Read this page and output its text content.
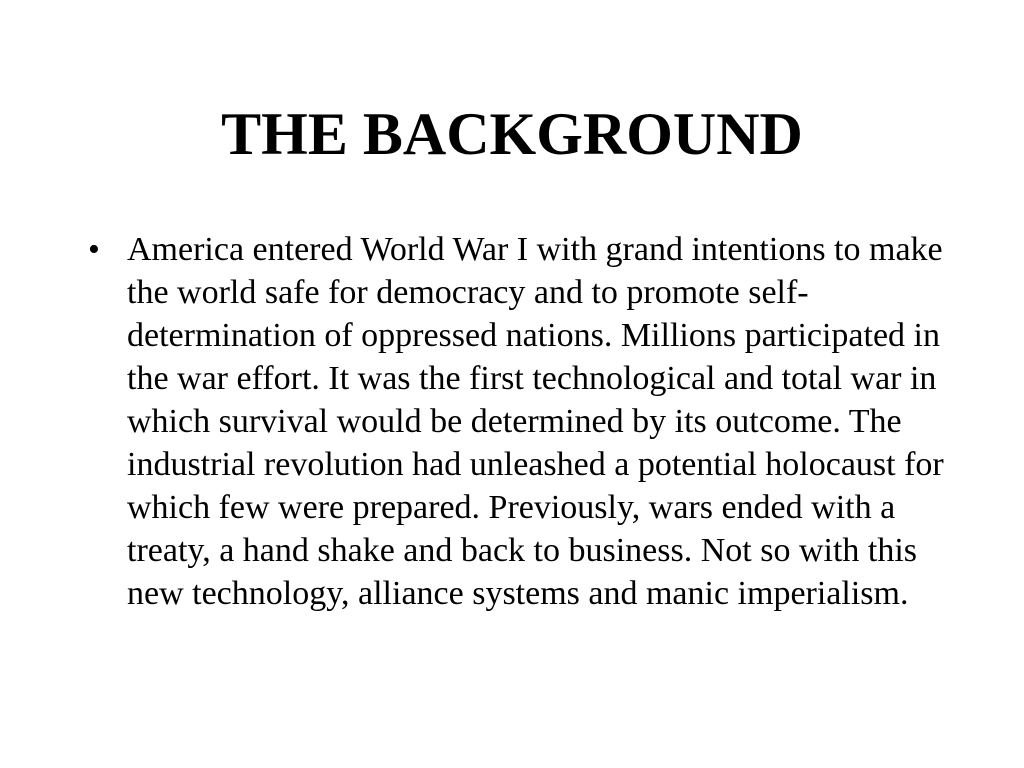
THE BACKGROUND
• America entered World War I with grand intentions to make the world safe for democracy and to promote self-determination of oppressed nations. Millions participated in the war effort. It was the first technological and total war in which survival would be determined by its outcome. The industrial revolution had unleashed a potential holocaust for which few were prepared. Previously, wars ended with a treaty, a hand shake and back to business. Not so with this new technology, alliance systems and manic imperialism.
